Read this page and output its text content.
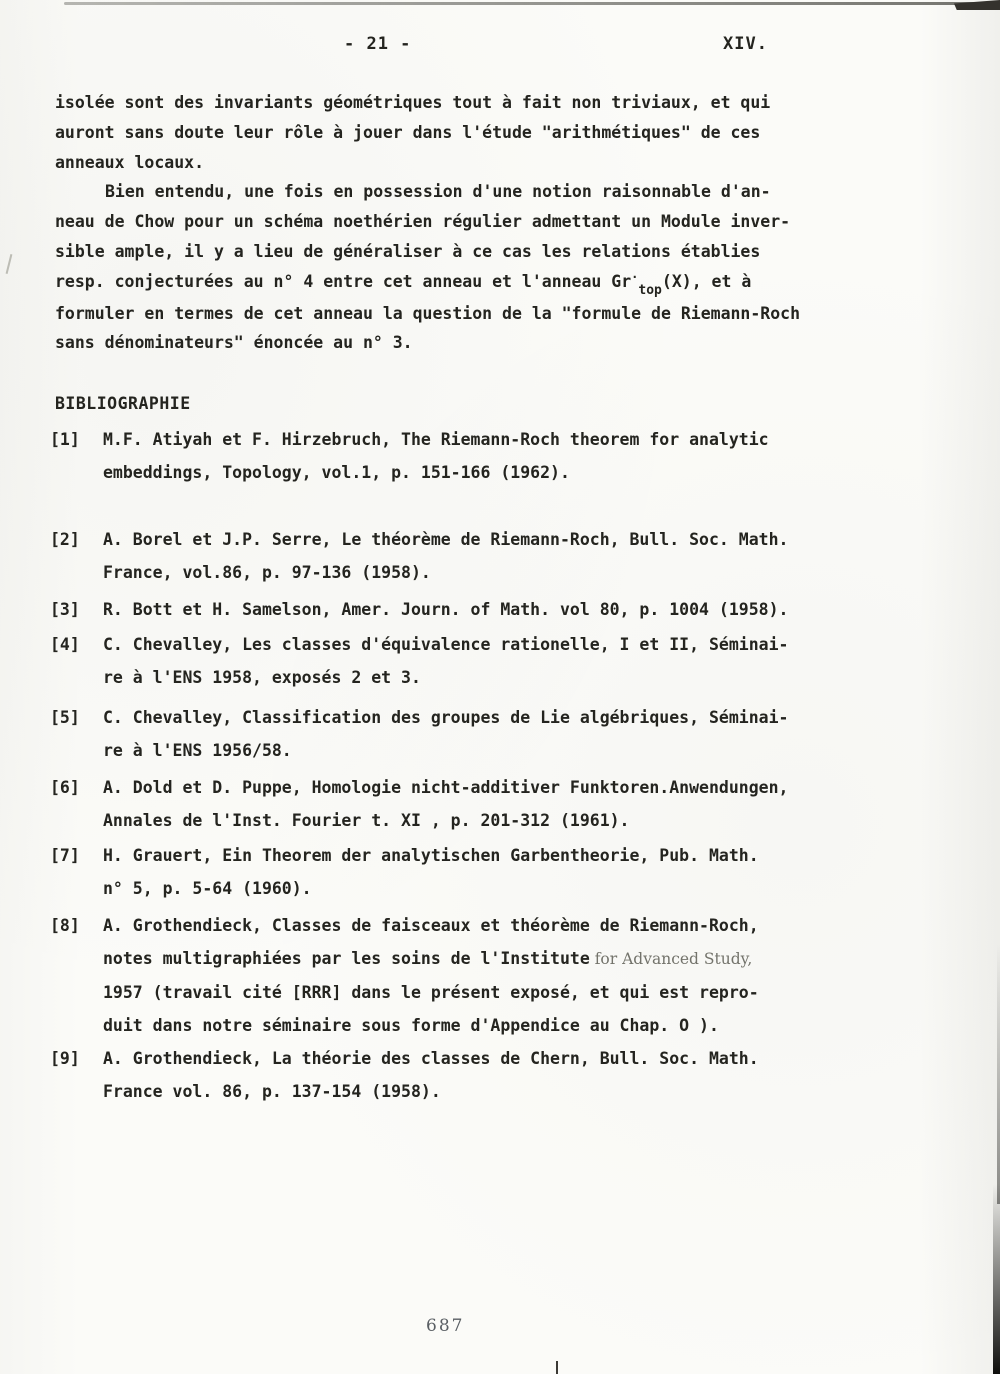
- 21 -	XIV.
isolée sont des invariants géométriques tout à fait non triviaux, et qui
auront sans doute leur rôle à jouer dans l'étude "arithmétiques" de ces
anneaux locaux.
Bien entendu, une fois en possession d'une notion raisonnable d'an-
neau de Chow pour un schéma noethérien régulier admettant un Module inver-
sible ample, il y a lieu de généraliser à ce cas les relations établies
resp. conjecturées au n° 4 entre cet anneau et l'anneau $Gr^\cdot_{top}(X)$, et à
formuler en termes de cet anneau la question de la "formule de Riemann-Roch
sans dénominateurs" énoncée au n° 3.
BIBLIOGRAPHIE
[1]	M.F. Atiyah et F. Hirzebruch, The Riemann-Roch theorem for analytic
embeddings, Topology, vol.1, p. 151-166 (1962).
[2]	A. Borel et J.P. Serre, Le théorème de Riemann-Roch, Bull. Soc. Math.
France, vol.86, p. 97-136 (1958).
[3]	R. Bott et H. Samelson, Amer. Journ. of Math. vol 80, p. 1004 (1958).
[4]	C. Chevalley, Les classes d'équivalence rationelle, I et II, Séminai-
re à l'ENS 1958, exposés 2 et 3.
[5]	C. Chevalley, Classification des groupes de Lie algébriques, Séminai-
re à l'ENS 1956/58.
[6]	A. Dold et D. Puppe, Homologie nicht-additiver Funktoren.Anwendungen,
Annales de l'Inst. Fourier t. XI , p. 201-312 (1961).
[7]	H. Grauert, Ein Theorem der analytischen Garbentheorie, Pub. Math.
n° 5, p. 5-64 (1960).
[8]	A. Grothendieck, Classes de faisceaux et théorème de Riemann-Roch,
notes multigraphiées par les soins de l'Institute for Advanced Study,
1957 (travail cité [RRR] dans le présent exposé, et qui est repro-
duit dans notre séminaire sous forme d'Appendice au Chap. O ).
[9]	A. Grothendieck, La théorie des classes de Chern, Bull. Soc. Math.
France vol. 86, p. 137-154 (1958).
687
